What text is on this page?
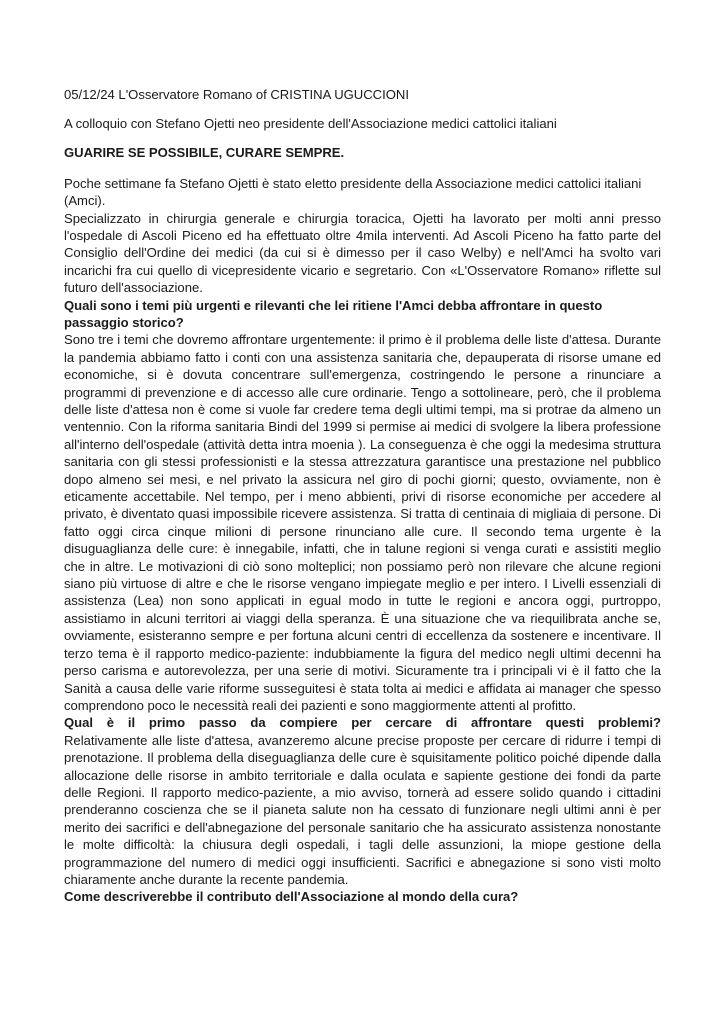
05/12/24 L'Osservatore Romano of CRISTINA UGUCCIONI

A colloquio con Stefano Ojetti neo presidente dell'Associazione medici cattolici italiani

GUARIRE SE POSSIBILE, CURARE SEMPRE.

Poche settimane fa Stefano Ojetti è stato eletto presidente della Associazione medici cattolici italiani (Amci).

Specializzato in chirurgia generale e chirurgia toracica, Ojetti ha lavorato per molti anni presso l'ospedale di Ascoli Piceno ed ha effettuato oltre 4mila interventi. Ad Ascoli Piceno ha fatto parte del Consiglio dell'Ordine dei medici (da cui si è dimesso per il caso Welby) e nell'Amci ha svolto vari incarichi fra cui quello di vicepresidente vicario e segretario. Con «L'Osservatore Romano» riflette sul futuro dell'associazione.

Quali sono i temi più urgenti e rilevanti che lei ritiene l'Amci debba affrontare in questo passaggio storico?

Sono tre i temi che dovremo affrontare urgentemente: il primo è il problema delle liste d'attesa. Durante la pandemia abbiamo fatto i conti con una assistenza sanitaria che, depauperata di risorse umane ed economiche, si è dovuta concentrare sull'emergenza, costringendo le persone a rinunciare a programmi di prevenzione e di accesso alle cure ordinarie. Tengo a sottolineare, però, che il problema delle liste d'attesa non è come si vuole far credere tema degli ultimi tempi, ma si protrae da almeno un ventennio. Con la riforma sanitaria Bindi del 1999 si permise ai medici di svolgere la libera professione all'interno dell'ospedale (attività detta intra moenia ). La conseguenza è che oggi la medesima struttura sanitaria con gli stessi professionisti e la stessa attrezzatura garantisce una prestazione nel pubblico dopo almeno sei mesi, e nel privato la assicura nel giro di pochi giorni; questo, ovviamente, non è eticamente accettabile. Nel tempo, per i meno abbienti, privi di risorse economiche per accedere al privato, è diventato quasi impossibile ricevere assistenza. Si tratta di centinaia di migliaia di persone. Di fatto oggi circa cinque milioni di persone rinunciano alle cure. Il secondo tema urgente è la disuguaglianza delle cure: è innegabile, infatti, che in talune regioni si venga curati e assistiti meglio che in altre. Le motivazioni di ciò sono molteplici; non possiamo però non rilevare che alcune regioni siano più virtuose di altre e che le risorse vengano impiegate meglio e per intero. I Livelli essenziali di assistenza (Lea) non sono applicati in egual modo in tutte le regioni e ancora oggi, purtroppo, assistiamo in alcuni territori ai viaggi della speranza. È una situazione che va riequilibrata anche se, ovviamente, esisteranno sempre e per fortuna alcuni centri di eccellenza da sostenere e incentivare. Il terzo tema è il rapporto medico-paziente: indubbiamente la figura del medico negli ultimi decenni ha perso carisma e autorevolezza, per una serie di motivi. Sicuramente tra i principali vi è il fatto che la Sanità a causa delle varie riforme susseguitesi è stata tolta ai medici e affidata ai manager che spesso comprendono poco le necessità reali dei pazienti e sono maggiormente attenti al profitto.

Qual è il primo passo da compiere per cercare di affrontare questi problemi?

Relativamente alle liste d'attesa, avanzeremo alcune precise proposte per cercare di ridurre i tempi di prenotazione. Il problema della diseguaglianza delle cure è squisitamente politico poiché dipende dalla allocazione delle risorse in ambito territoriale e dalla oculata e sapiente gestione dei fondi da parte delle Regioni. Il rapporto medico-paziente, a mio avviso, tornerà ad essere solido quando i cittadini prenderanno coscienza che se il pianeta salute non ha cessato di funzionare negli ultimi anni è per merito dei sacrifici e dell'abnegazione del personale sanitario che ha assicurato assistenza nonostante le molte difficoltà: la chiusura degli ospedali, i tagli delle assunzioni, la miope gestione della programmazione del numero di medici oggi insufficienti. Sacrifici e abnegazione si sono visti molto chiaramente anche durante la recente pandemia.

Come descriverebbe il contributo dell'Associazione al mondo della cura?
